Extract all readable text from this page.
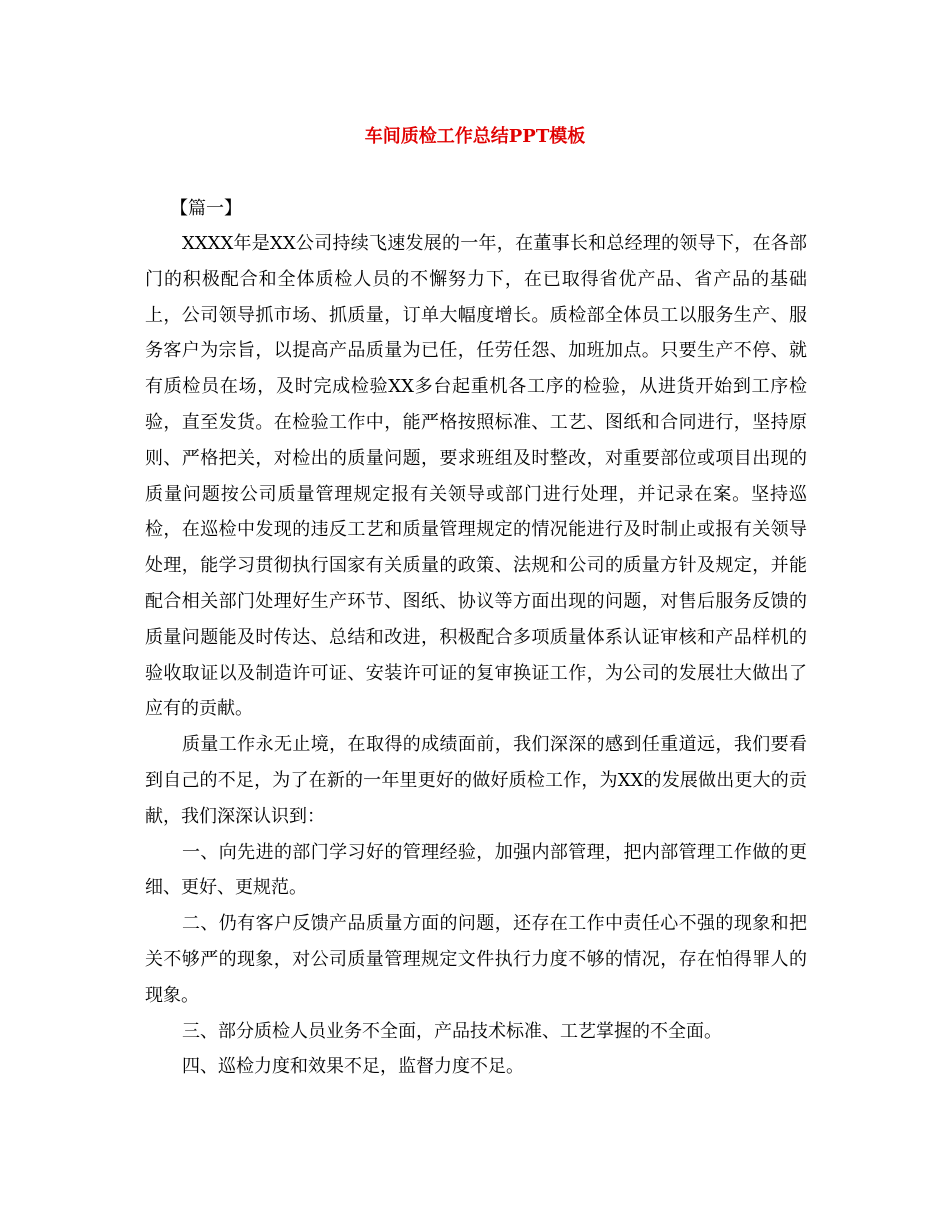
车间质检工作总结PPT模板
【篇一】

XXXX年是XX公司持续飞速发展的一年，在董事长和总经理的领导下，在各部门的积极配合和全体质检人员的不懈努力下，在已取得省优产品、省产品的基础上，公司领导抓市场、抓质量，订单大幅度增长。质检部全体员工以服务生产、服务客户为宗旨，以提高产品质量为已任，任劳任怨、加班加点。只要生产不停、就有质检员在场，及时完成检验XX多台起重机各工序的检验，从进货开始到工序检验，直至发货。在检验工作中，能严格按照标准、工艺、图纸和合同进行，坚持原则、严格把关，对检出的质量问题，要求班组及时整改，对重要部位或项目出现的质量问题按公司质量管理规定报有关领导或部门进行处理，并记录在案。坚持巡检，在巡检中发现的违反工艺和质量管理规定的情况能进行及时制止或报有关领导处理，能学习贯彻执行国家有关质量的政策、法规和公司的质量方针及规定，并能配合相关部门处理好生产环节、图纸、协议等方面出现的问题，对售后服务反馈的质量问题能及时传达、总结和改进，积极配合多项质量体系认证审核和产品样机的验收取证以及制造许可证、安装许可证的复审换证工作，为公司的发展壮大做出了应有的贡献。

质量工作永无止境，在取得的成绩面前，我们深深的感到任重道远，我们要看到自己的不足，为了在新的一年里更好的做好质检工作，为XX的发展做出更大的贡献，我们深深认识到：

一、向先进的部门学习好的管理经验，加强内部管理，把内部管理工作做的更细、更好、更规范。

二、仍有客户反馈产品质量方面的问题，还存在工作中责任心不强的现象和把关不够严的现象，对公司质量管理规定文件执行力度不够的情况，存在怕得罪人的现象。

三、部分质检人员业务不全面，产品技术标准、工艺掌握的不全面。

四、巡检力度和效果不足，监督力度不足。
